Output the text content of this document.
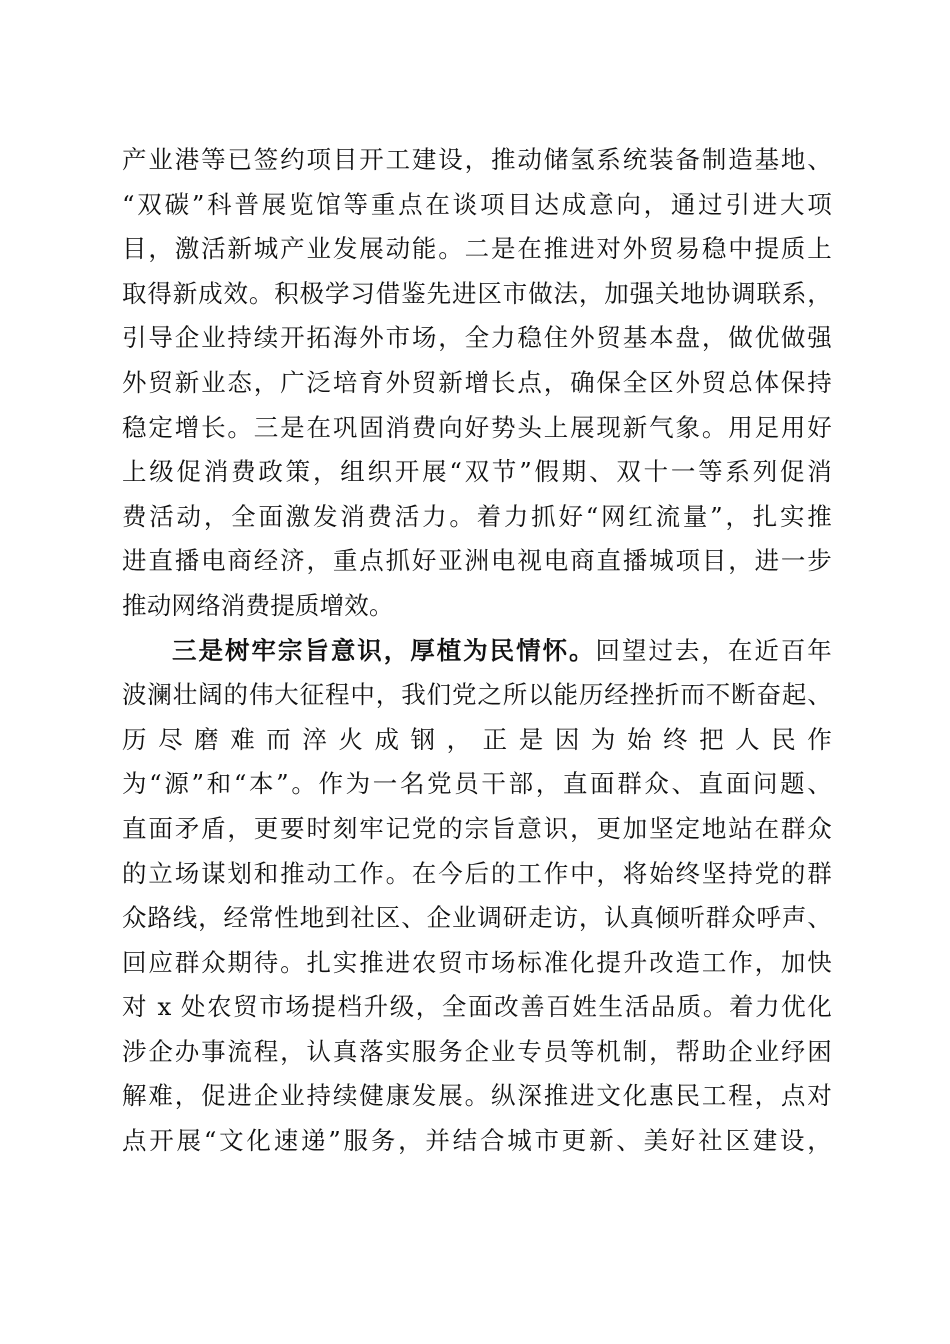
产业港等已签约项目开工建设，推动储氢系统装备制造基地、
“双碳”科普展览馆等重点在谈项目达成意向，通过引进大项
目，激活新城产业发展动能。二是在推进对外贸易稳中提质上
取得新成效。积极学习借鉴先进区市做法，加强关地协调联系，
引导企业持续开拓海外市场，全力稳住外贸基本盘，做优做强
外贸新业态，广泛培育外贸新增长点，确保全区外贸总体保持
稳定增长。三是在巩固消费向好势头上展现新气象。用足用好
上级促消费政策，组织开展“双节”假期、双十一等系列促消
费活动，全面激发消费活力。着力抓好“网红流量”，扎实推
进直播电商经济，重点抓好亚洲电视电商直播城项目，进一步
推动网络消费提质增效。
三是树牢宗旨意识，厚植为民情怀。回望过去，在近百年
波澜壮阔的伟大征程中，我们党之所以能历经挫折而不断奋起、
历尽磨难而淬火成钢，正是因为始终把人民作
为“源”和“本”。作为一名党员干部，直面群众、直面问题、
直面矛盾，更要时刻牢记党的宗旨意识，更加坚定地站在群众
的立场谋划和推动工作。在今后的工作中，将始终坚持党的群
众路线，经常性地到社区、企业调研走访，认真倾听群众呼声、
回应群众期待。扎实推进农贸市场标准化提升改造工作，加快
对 x 处农贸市场提档升级，全面改善百姓生活品质。着力优化
涉企办事流程，认真落实服务企业专员等机制，帮助企业纾困
解难，促进企业持续健康发展。纵深推进文化惠民工程，点对
点开展“文化速递”服务，并结合城市更新、美好社区建设，
